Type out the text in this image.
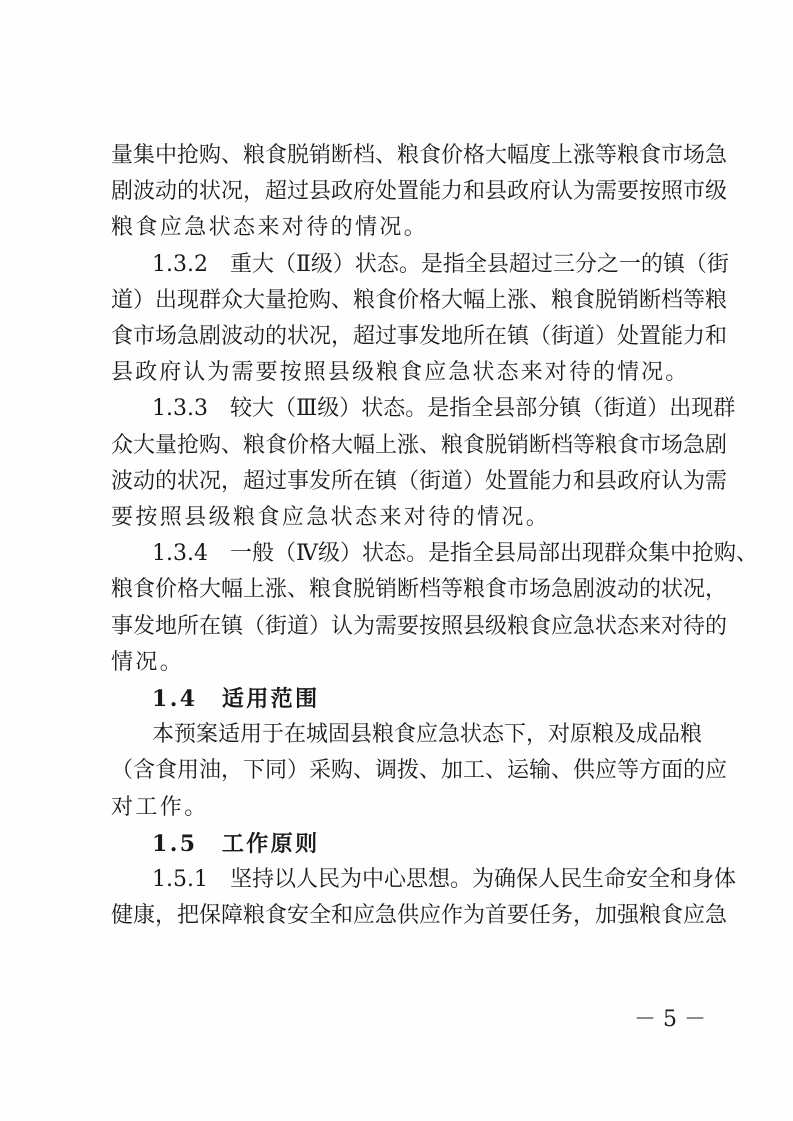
量集中抢购、粮食脱销断档、粮食价格大幅度上涨等粮食市场急
剧波动的状况，超过县政府处置能力和县政府认为需要按照市级
粮食应急状态来对待的情况。
1.3.2　重大（Ⅱ级）状态。是指全县超过三分之一的镇（街
道）出现群众大量抢购、粮食价格大幅上涨、粮食脱销断档等粮
食市场急剧波动的状况，超过事发地所在镇（街道）处置能力和
县政府认为需要按照县级粮食应急状态来对待的情况。
1.3.3　较大（Ⅲ级）状态。是指全县部分镇（街道）出现群
众大量抢购、粮食价格大幅上涨、粮食脱销断档等粮食市场急剧
波动的状况，超过事发所在镇（街道）处置能力和县政府认为需
要按照县级粮食应急状态来对待的情况。
1.3.4　一般（Ⅳ级）状态。是指全县局部出现群众集中抢购、
粮食价格大幅上涨、粮食脱销断档等粮食市场急剧波动的状况，
事发地所在镇（街道）认为需要按照县级粮食应急状态来对待的
情况。
1.4　适用范围
本预案适用于在城固县粮食应急状态下，对原粮及成品粮
（含食用油，下同）采购、调拨、加工、运输、供应等方面的应
对工作。
1.5　工作原则
1.5.1　坚持以人民为中心思想。为确保人民生命安全和身体
健康，把保障粮食安全和应急供应作为首要任务，加强粮食应急
－ 5 －
